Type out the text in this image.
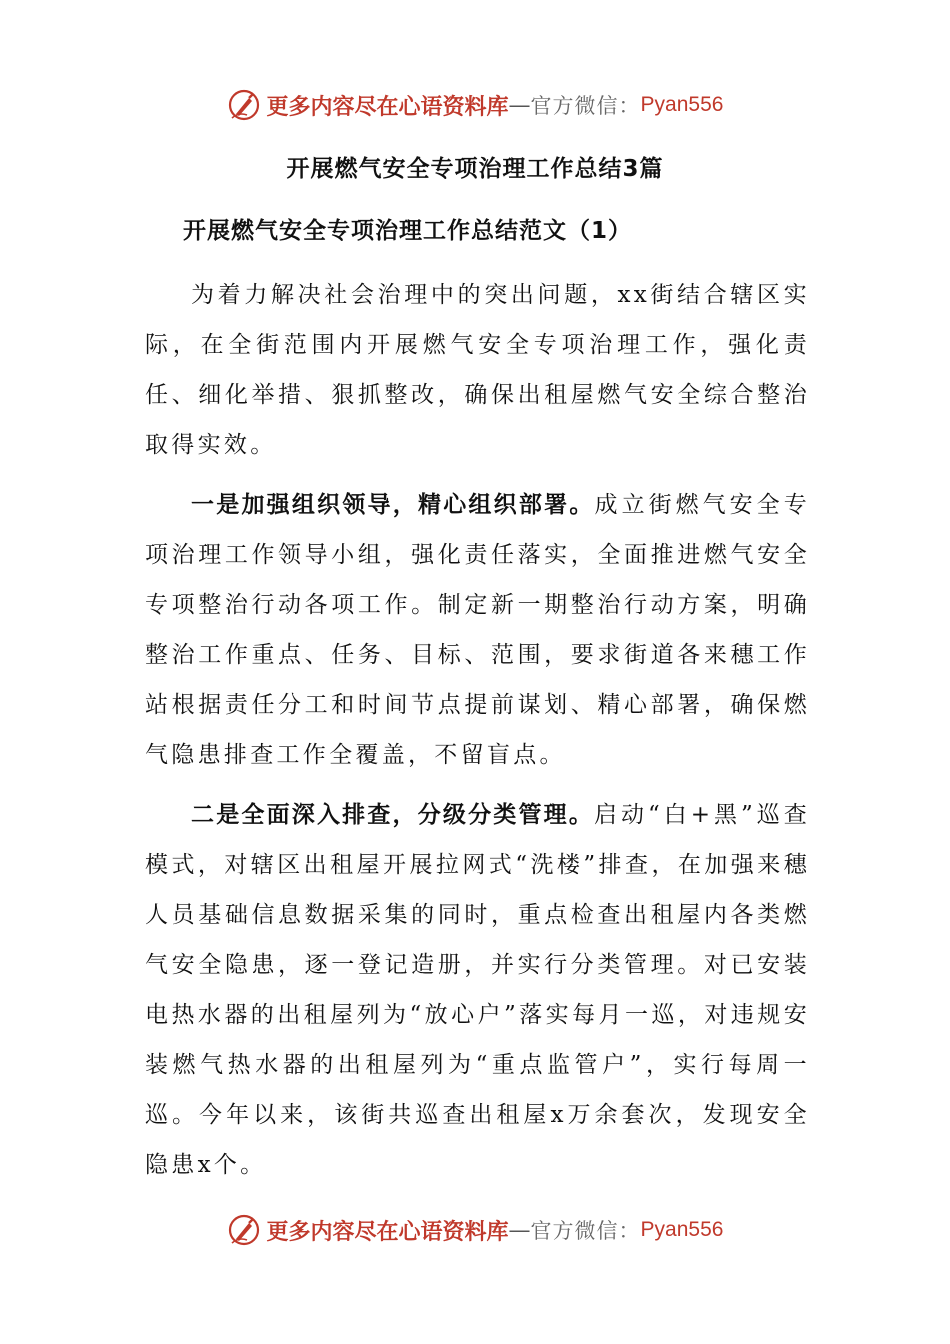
更多内容尽在心语资料库 — 官方微信： Pyan556
开展燃气安全专项治理工作总结3篇
开展燃气安全专项治理工作总结范文（1）

为着力解决社会治理中的突出问题，xx街结合辖区实际，在全街范围内开展燃气安全专项治理工作，强化责任、细化举措、狠抓整改，确保出租屋燃气安全综合整治取得实效。

一是加强组织领导，精心组织部署。成立街燃气安全专项治理工作领导小组，强化责任落实，全面推进燃气安全专项整治行动各项工作。制定新一期整治行动方案，明确整治工作重点、任务、目标、范围，要求街道各来穗工作站根据责任分工和时间节点提前谋划、精心部署，确保燃气隐患排查工作全覆盖，不留盲点。

二是全面深入排查，分级分类管理。启动“白+黑”巡查模式，对辖区出租屋开展拉网式“洗楼”排查，在加强来穗人员基础信息数据采集的同时，重点检查出租屋内各类燃气安全隐患，逐一登记造册，并实行分类管理。对已安装电热水器的出租屋列为“放心户”落实每月一巡，对违规安装燃气热水器的出租屋列为“重点监管户”，实行每周一巡。今年以来，该街共巡查出租屋x万余套次，发现安全隐患x个。

更多内容尽在心语资料库 — 官方微信： Pyan556
